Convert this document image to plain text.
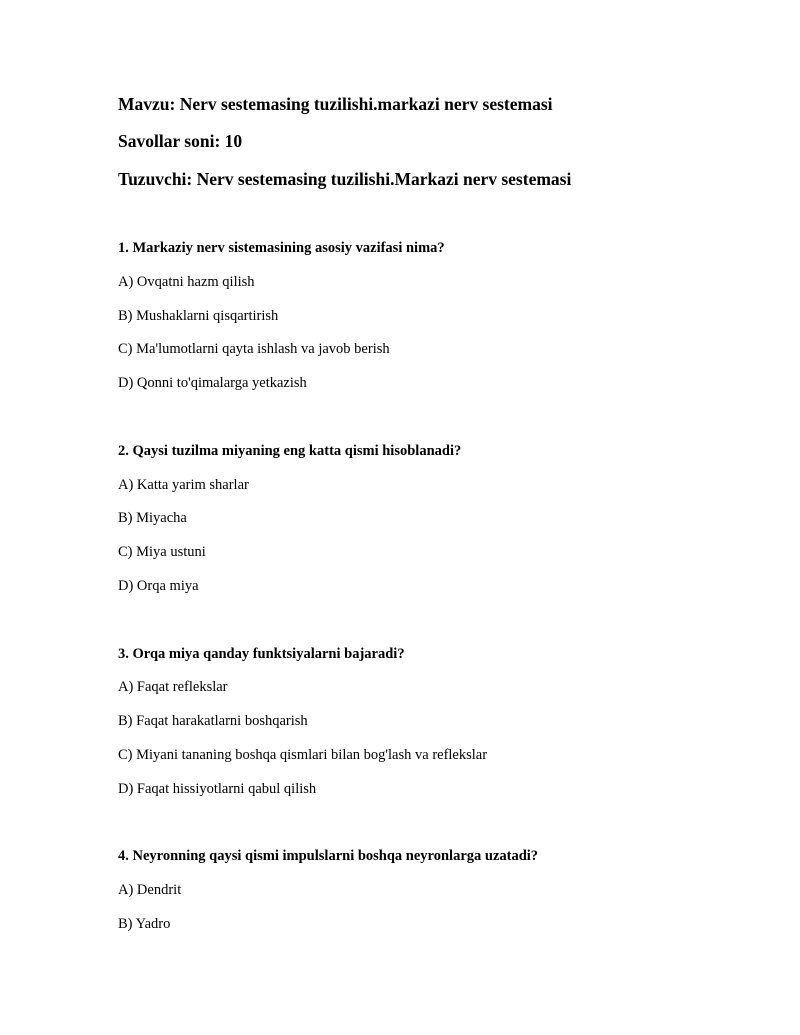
Mavzu: Nerv sestemasing tuzilishi.markazi nerv sestemasi
Savollar soni: 10
Tuzuvchi: Nerv sestemasing tuzilishi.Markazi nerv sestemasi
1. Markaziy nerv sistemasining asosiy vazifasi nima?
A) Ovqatni hazm qilish
B) Mushaklarni qisqartirish
C) Ma'lumotlarni qayta ishlash va javob berish
D) Qonni to'qimalarga yetkazish
2. Qaysi tuzilma miyaning eng katta qismi hisoblanadi?
A) Katta yarim sharlar
B) Miyacha
C) Miya ustuni
D) Orqa miya
3. Orqa miya qanday funktsiyalarni bajaradi?
A) Faqat reflekslar
B) Faqat harakatlarni boshqarish
C) Miyani tananing boshqa qismlari bilan bog'lash va reflekslar
D) Faqat hissiyotlarni qabul qilish
4. Neyronning qaysi qismi impulslarni boshqa neyronlarga uzatadi?
A) Dendrit
B) Yadro
